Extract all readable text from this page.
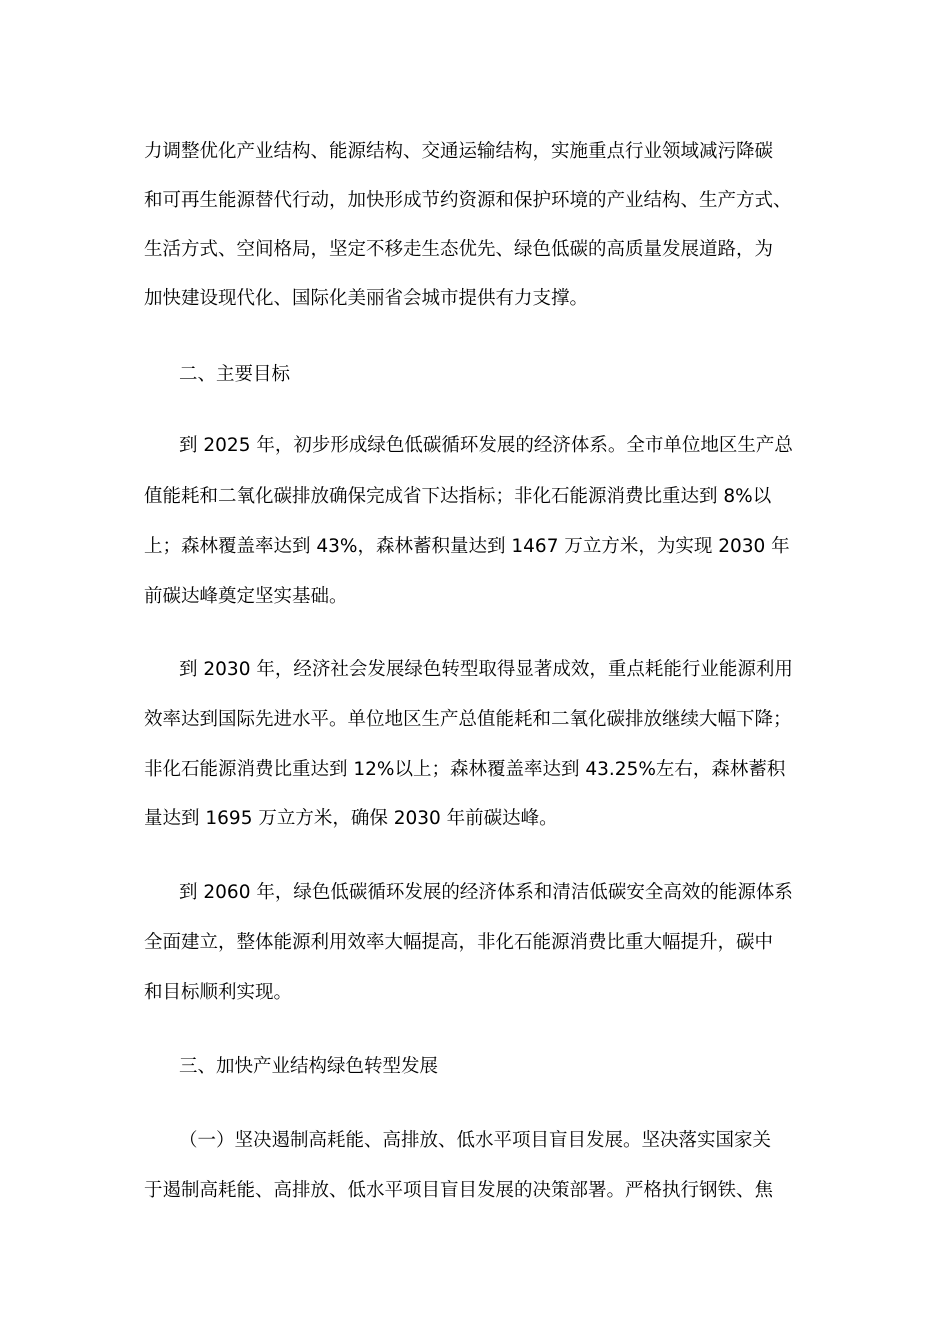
力调整优化产业结构、能源结构、交通运输结构，实施重点行业领域减污降碳
和可再生能源替代行动，加快形成节约资源和保护环境的产业结构、生产方式、
生活方式、空间格局，坚定不移走生态优先、绿色低碳的高质量发展道路，为
加快建设现代化、国际化美丽省会城市提供有力支撑。
二、主要目标
到 2025 年，初步形成绿色低碳循环发展的经济体系。全市单位地区生产总
值能耗和二氧化碳排放确保完成省下达指标；非化石能源消费比重达到 8%以
上；森林覆盖率达到 43%，森林蓄积量达到 1467 万立方米，为实现 2030 年
前碳达峰奠定坚实基础。
到 2030 年，经济社会发展绿色转型取得显著成效，重点耗能行业能源利用
效率达到国际先进水平。单位地区生产总值能耗和二氧化碳排放继续大幅下降；
非化石能源消费比重达到 12%以上；森林覆盖率达到 43.25%左右，森林蓄积
量达到 1695 万立方米，确保 2030 年前碳达峰。
到 2060 年，绿色低碳循环发展的经济体系和清洁低碳安全高效的能源体系
全面建立，整体能源利用效率大幅提高，非化石能源消费比重大幅提升，碳中
和目标顺利实现。
三、加快产业结构绿色转型发展
（一）坚决遏制高耗能、高排放、低水平项目盲目发展。坚决落实国家关
于遏制高耗能、高排放、低水平项目盲目发展的决策部署。严格执行钢铁、焦
